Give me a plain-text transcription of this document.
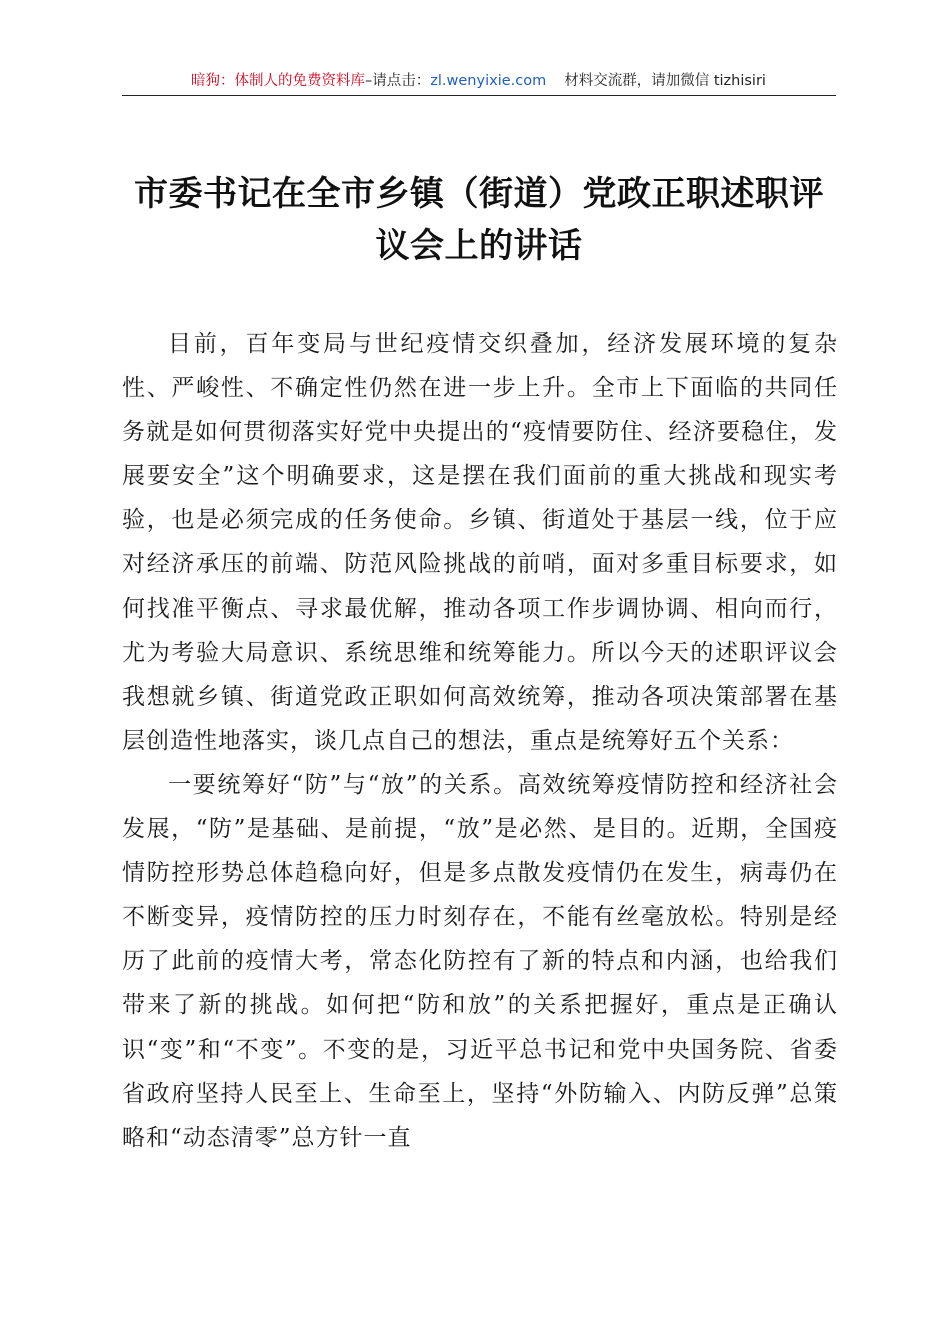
暗狗：体制人的免费资料库–请点击：zl.wenyixie.com 材料交流群，请加微信 tizhisiri
市委书记在全市乡镇（街道）党政正职述职评
议会上的讲话

目前，百年变局与世纪疫情交织叠加，经济发展环境的复杂性、严峻性、不确定性仍然在进一步上升。全市上下面临的共同任务就是如何贯彻落实好党中央提出的“疫情要防住、经济要稳住，发展要安全”这个明确要求，这是摆在我们面前的重大挑战和现实考验，也是必须完成的任务使命。乡镇、街道处于基层一线，位于应对经济承压的前端、防范风险挑战的前哨，面对多重目标要求，如何找准平衡点、寻求最优解，推动各项工作步调协调、相向而行，尤为考验大局意识、系统思维和统筹能力。所以今天的述职评议会我想就乡镇、街道党政正职如何高效统筹，推动各项决策部署在基层创造性地落实，谈几点自己的想法，重点是统筹好五个关系：

一要统筹好“防”与“放”的关系。高效统筹疫情防控和经济社会发展，“防”是基础、是前提，“放”是必然、是目的。近期，全国疫情防控形势总体趋稳向好，但是多点散发疫情仍在发生，病毒仍在不断变异，疫情防控的压力时刻存在，不能有丝毫放松。特别是经历了此前的疫情大考，常态化防控有了新的特点和内涵，也给我们带来了新的挑战。如何把“防和放”的关系把握好，重点是正确认识“变”和“不变”。不变的是，习近平总书记和党中央国务院、省委省政府坚持人民至上、生命至上，坚持“外防输入、内防反弹”总策略和“动态清零”总方针一直
